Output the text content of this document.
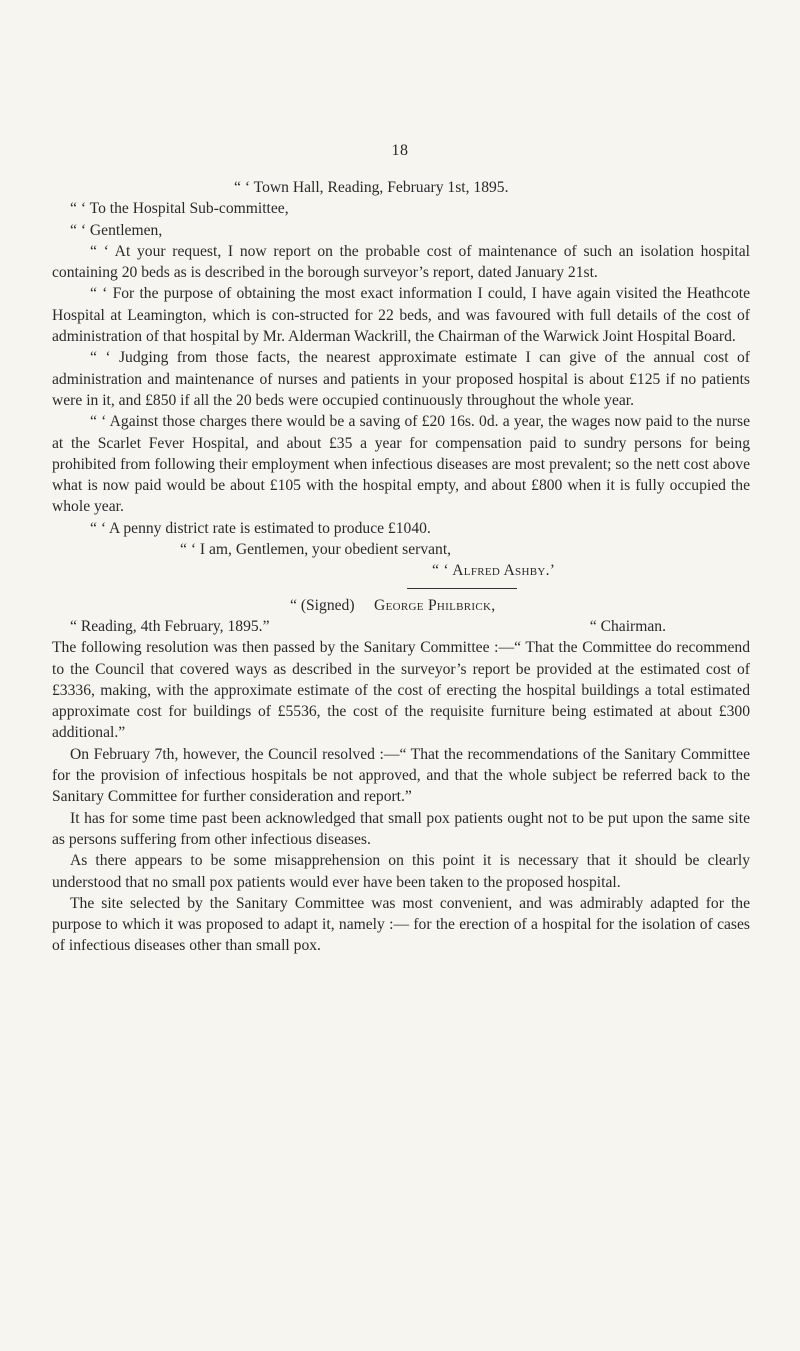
18

“ ‘ Town Hall, Reading, February 1st, 1895.

“ ‘ To the Hospital Sub-committee,

“ ‘ Gentlemen,

“ ‘ At your request, I now report on the probable cost of maintenance of such an isolation hospital containing 20 beds as is described in the borough surveyor’s report, dated January 21st.

“ ‘ For the purpose of obtaining the most exact information I could, I have again visited the Heathcote Hospital at Leamington, which is con-structed for 22 beds, and was favoured with full details of the cost of administration of that hospital by Mr. Alderman Wackrill, the Chairman of the Warwick Joint Hospital Board.

“ ‘ Judging from those facts, the nearest approximate estimate I can give of the annual cost of administration and maintenance of nurses and patients in your proposed hospital is about £125 if no patients were in it, and £850 if all the 20 beds were occupied continuously throughout the whole year.

“ ‘ Against those charges there would be a saving of £20 16s. 0d. a year, the wages now paid to the nurse at the Scarlet Fever Hospital, and about £35 a year for compensation paid to sundry persons for being prohibited from following their employment when infectious diseases are most prevalent; so the nett cost above what is now paid would be about £105 with the hospital empty, and about £800 when it is fully occupied the whole year.

“ ‘ A penny district rate is estimated to produce £1040.

“ ‘ I am, Gentlemen, your obedient servant,

“ ‘ Alfred Ashby.’

“ (Signed) George Philbrick,

“ Reading, 4th February, 1895.”	“ Chairman.

The following resolution was then passed by the Sanitary Committee :—“ That the Committee do recommend to the Council that covered ways as described in the surveyor’s report be provided at the estimated cost of £3336, making, with the approximate estimate of the cost of erecting the hospital buildings a total estimated approximate cost for buildings of £5536, the cost of the requisite furniture being estimated at about £300 additional.”

On February 7th, however, the Council resolved :—“ That the recommendations of the Sanitary Committee for the provision of infectious hospitals be not approved, and that the whole subject be referred back to the Sanitary Committee for further consideration and report.”

It has for some time past been acknowledged that small pox patients ought not to be put upon the same site as persons suffering from other infectious diseases.

As there appears to be some misapprehension on this point it is necessary that it should be clearly understood that no small pox patients would ever have been taken to the proposed hospital.

The site selected by the Sanitary Committee was most convenient, and was admirably adapted for the purpose to which it was proposed to adapt it, namely :— for the erection of a hospital for the isolation of cases of infectious diseases other than small pox.
